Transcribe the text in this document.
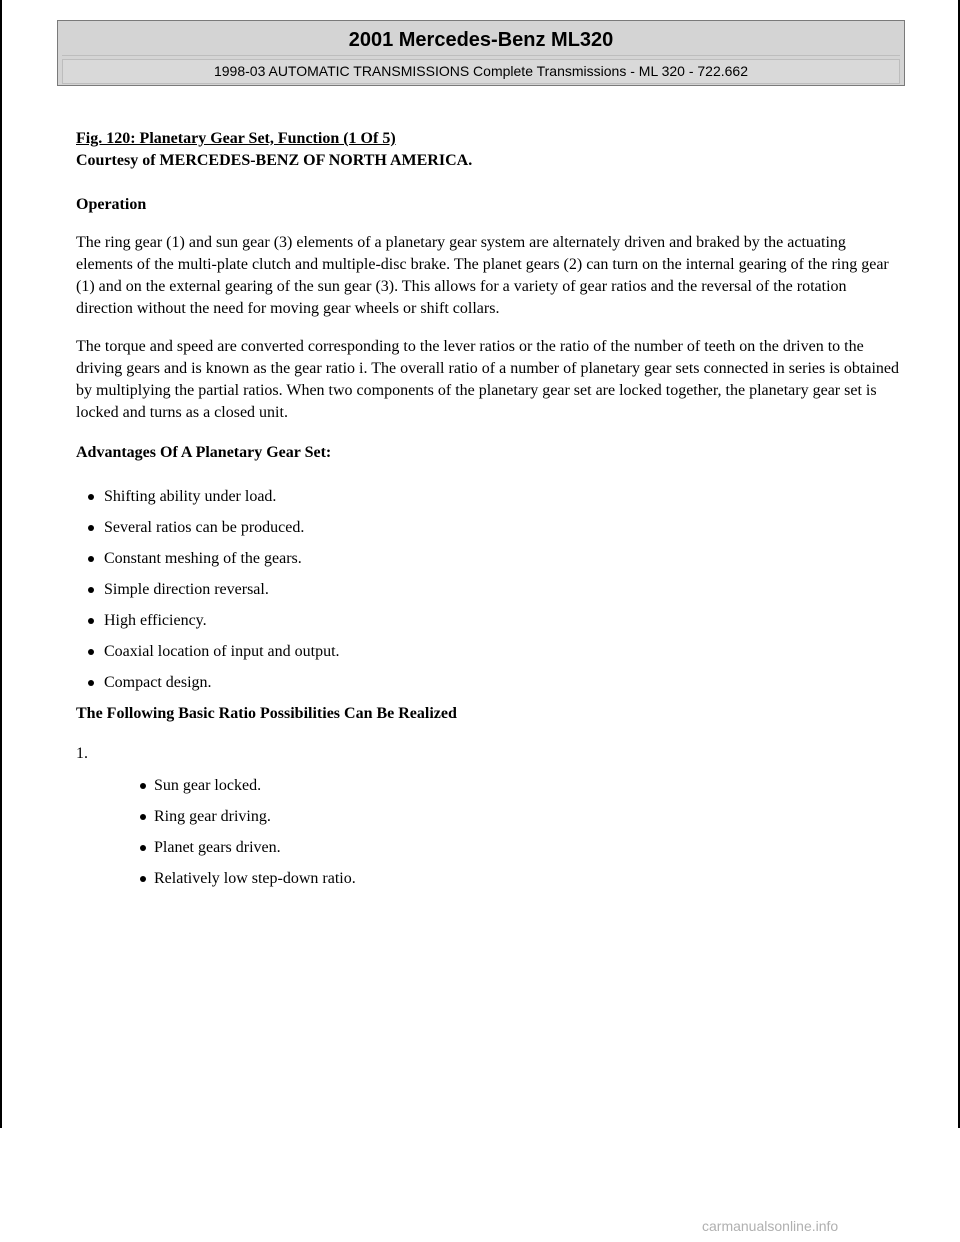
2001 Mercedes-Benz ML320
1998-03 AUTOMATIC TRANSMISSIONS Complete Transmissions - ML 320 - 722.662

Fig. 120: Planetary Gear Set, Function (1 Of 5)

Courtesy of MERCEDES-BENZ OF NORTH AMERICA.

Operation

The ring gear (1) and sun gear (3) elements of a planetary gear system are alternately driven and braked by the actuating elements of the multi-plate clutch and multiple-disc brake. The planet gears (2) can turn on the internal gearing of the ring gear (1) and on the external gearing of the sun gear (3). This allows for a variety of gear ratios and the reversal of the rotation direction without the need for moving gear wheels or shift collars.

The torque and speed are converted corresponding to the lever ratios or the ratio of the number of teeth on the driven to the driving gears and is known as the gear ratio i. The overall ratio of a number of planetary gear sets connected in series is obtained by multiplying the partial ratios. When two components of the planetary gear set are locked together, the planetary gear set is locked and turns as a closed unit.

Advantages Of A Planetary Gear Set:
Shifting ability under load.
Several ratios can be produced.
Constant meshing of the gears.
Simple direction reversal.
High efficiency.
Coaxial location of input and output.
Compact design.
The Following Basic Ratio Possibilities Can Be Realized
1.
Sun gear locked.
Ring gear driving.
Planet gears driven.
Relatively low step-down ratio.
carmanualsonline.info
